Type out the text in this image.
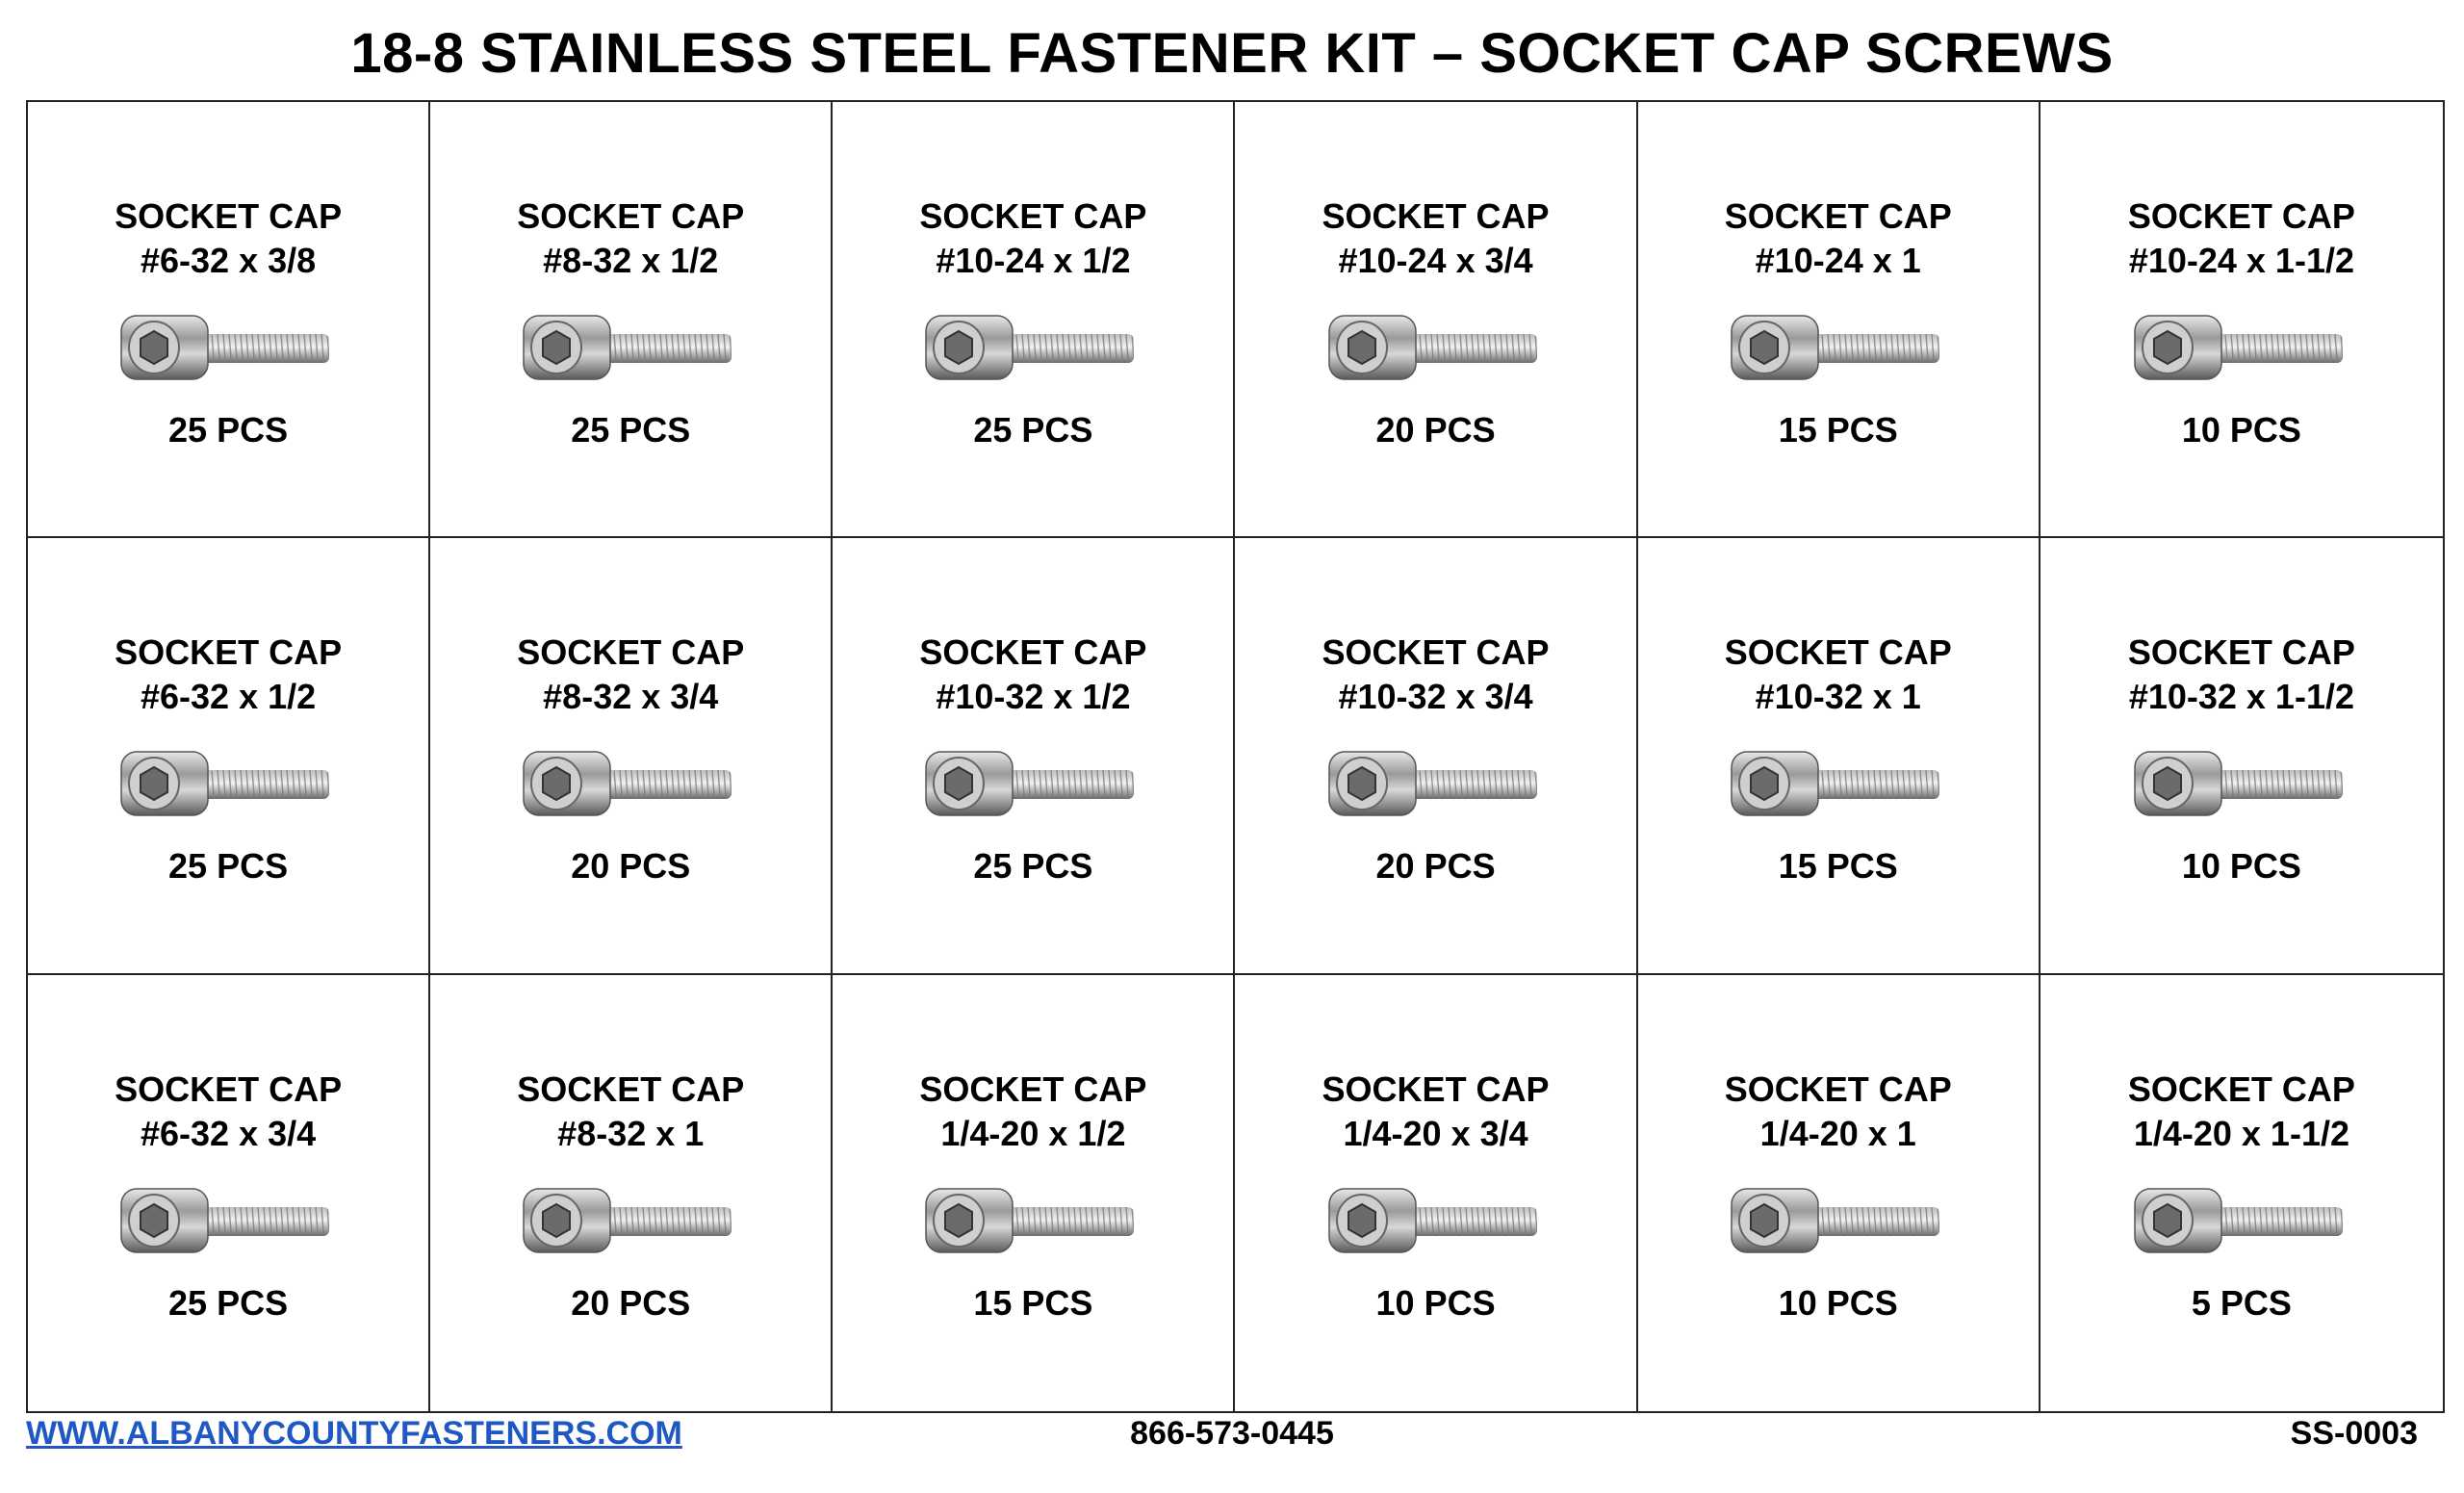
18-8 STAINLESS STEEL FASTENER KIT – SOCKET CAP SCREWS
SOCKET CAP
#6-32 x 3/8
25 PCS
SOCKET CAP
#8-32 x 1/2
25 PCS
SOCKET CAP
#10-24 x 1/2
25 PCS
SOCKET CAP
#10-24 x 3/4
20 PCS
SOCKET CAP
#10-24 x 1
15 PCS
SOCKET CAP
#10-24 x 1-1/2
10 PCS
SOCKET CAP
#6-32 x 1/2
25 PCS
SOCKET CAP
#8-32 x 3/4
20 PCS
SOCKET CAP
#10-32 x 1/2
25 PCS
SOCKET CAP
#10-32 x 3/4
20 PCS
SOCKET CAP
#10-32 x 1
15 PCS
SOCKET CAP
#10-32 x 1-1/2
10 PCS
SOCKET CAP
#6-32 x 3/4
25 PCS
SOCKET CAP
#8-32 x 1
20 PCS
SOCKET CAP
1/4-20 x 1/2
15 PCS
SOCKET CAP
1/4-20 x 3/4
10 PCS
SOCKET CAP
1/4-20 x 1
10 PCS
SOCKET CAP
1/4-20 x 1-1/2
5 PCS
WWW.ALBANYCOUNTYFASTENERS.COM	866-573-0445	SS-0003
